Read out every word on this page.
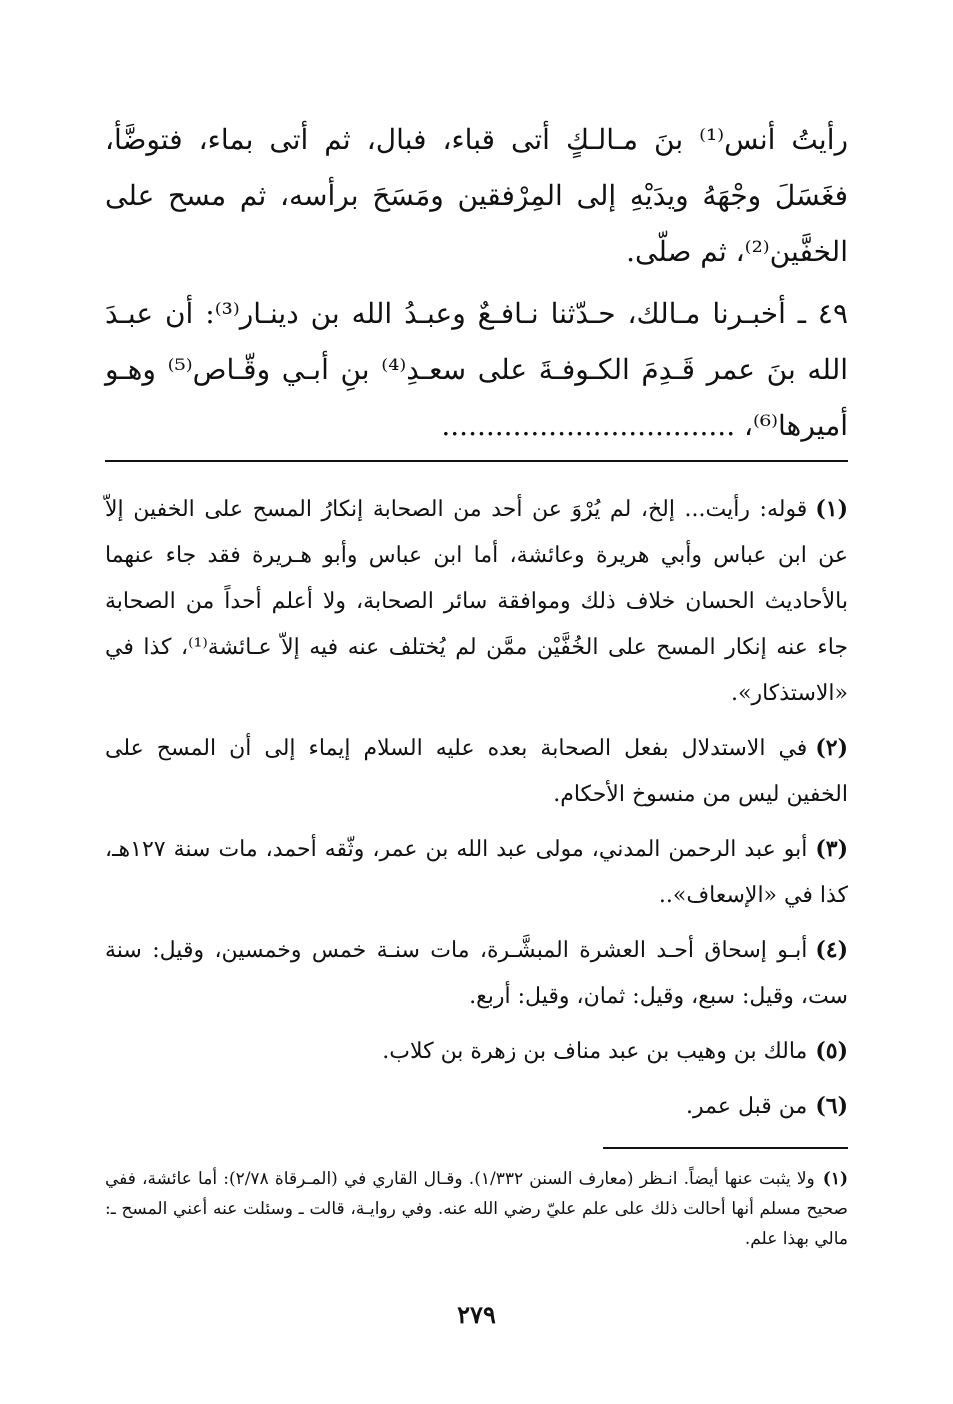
رأيتُ أنس⁽¹⁾ بنَ مـالـكٍ أتى قباء، فبال، ثم أتى بماء، فتوضَّأ، فغَسَلَ وجْهَهُ ويدَيْهِ إلى المِرْفقين ومَسَحَ برأسه، ثم مسح على الخفَّين⁽²⁾، ثم صلّى.

٤٩ ـ أخبـرنا مـالك، حـدّثنا نـافـعٌ وعبـدُ الله بن دينـار⁽³⁾: أن عبـدَ الله بنَ عمر قَـدِمَ الكـوفـةَ على سعـدِ⁽⁴⁾ بنِ أبـي وقّـاص⁽⁵⁾ وهـو أميرها⁽⁶⁾، .................................

(١)قوله: رأيت... إلخ، لم يُرْوَ عن أحد من الصحابة إنكارُ المسح على الخفين إلاّ عن ابن عباس وأبي هريرة وعائشة، أما ابن عباس وأبو هـريرة فقد جاء عنهما بالأحاديث الحسان خلاف ذلك وموافقة سائر الصحابة، ولا أعلم أحداً من الصحابة جاء عنه إنكار المسح على الخُفَّيْن ممَّن لم يُختلف عنه فيه إلاّ عـائشة⁽¹⁾، كذا في «الاستذكار».

(٢)في الاستدلال بفعل الصحابة بعده عليه السلام إيماء إلى أن المسح على الخفين ليس من منسوخ الأحكام.

(٣)أبو عبد الرحمن المدني، مولى عبد الله بن عمر، وثّقه أحمد، مات سنة ١٢٧هـ، كذا في «الإسعاف»..

(٤)أبـو إسحاق أحـد العشرة المبشَّـرة، مات سنـة خمس وخمسين، وقيل: سنة ست، وقيل: سبع، وقيل: ثمان، وقيل: أربع.

(٥)مالك بن وهيب بن عبد مناف بن زهرة بن كلاب.

(٦)من قبل عمر.

(١)ولا يثبت عنها أيضاً. انـظر (معارف السنن ١/٣٣٢). وقـال القاري في (المـرقاة ٢/٧٨): أما عائشة، ففي صحيح مسلم أنها أحالت ذلك على علم عليّ رضي الله عنه. وفي روايـة، قالت ـ وسئلت عنه أعني المسح ـ: مالي بهذا علم.

٢٧٩
